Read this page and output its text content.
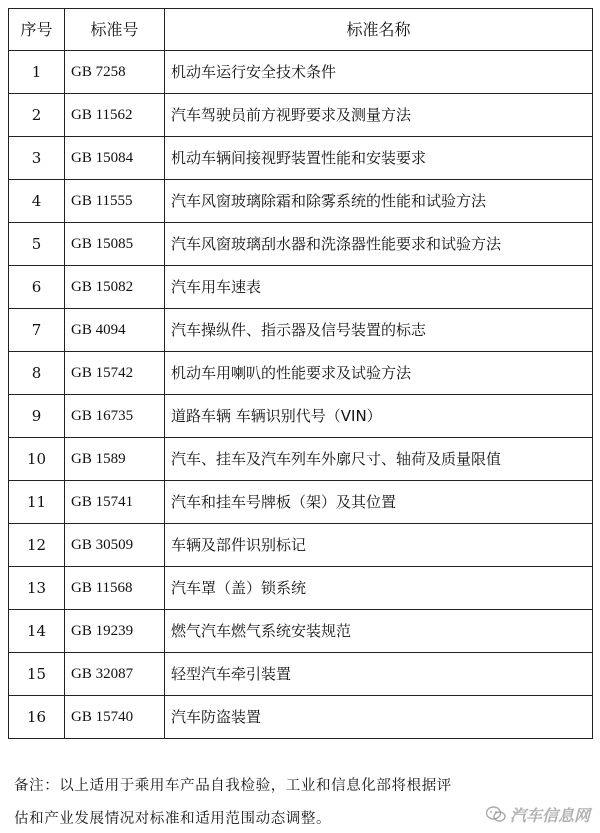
序号	标准号	标准名称
1	GB 7258	机动车运行安全技术条件
2	GB 11562	汽车驾驶员前方视野要求及测量方法
3	GB 15084	机动车辆间接视野装置性能和安装要求
4	GB 11555	汽车风窗玻璃除霜和除雾系统的性能和试验方法
5	GB 15085	汽车风窗玻璃刮水器和洗涤器性能要求和试验方法
6	GB 15082	汽车用车速表
7	GB 4094	汽车操纵件、指示器及信号装置的标志
8	GB 15742	机动车用喇叭的性能要求及试验方法
9	GB 16735	道路车辆 车辆识别代号（VIN）
10	GB 1589	汽车、挂车及汽车列车外廓尺寸、轴荷及质量限值
11	GB 15741	汽车和挂车号牌板（架）及其位置
12	GB 30509	车辆及部件识别标记
13	GB 11568	汽车罩（盖）锁系统
14	GB 19239	燃气汽车燃气系统安装规范
15	GB 32087	轻型汽车牵引装置
16	GB 15740	汽车防盗装置
备注：以上适用于乘用车产品自我检验，工业和信息化部将根据评
估和产业发展情况对标准和适用范围动态调整。	汽车信息网
